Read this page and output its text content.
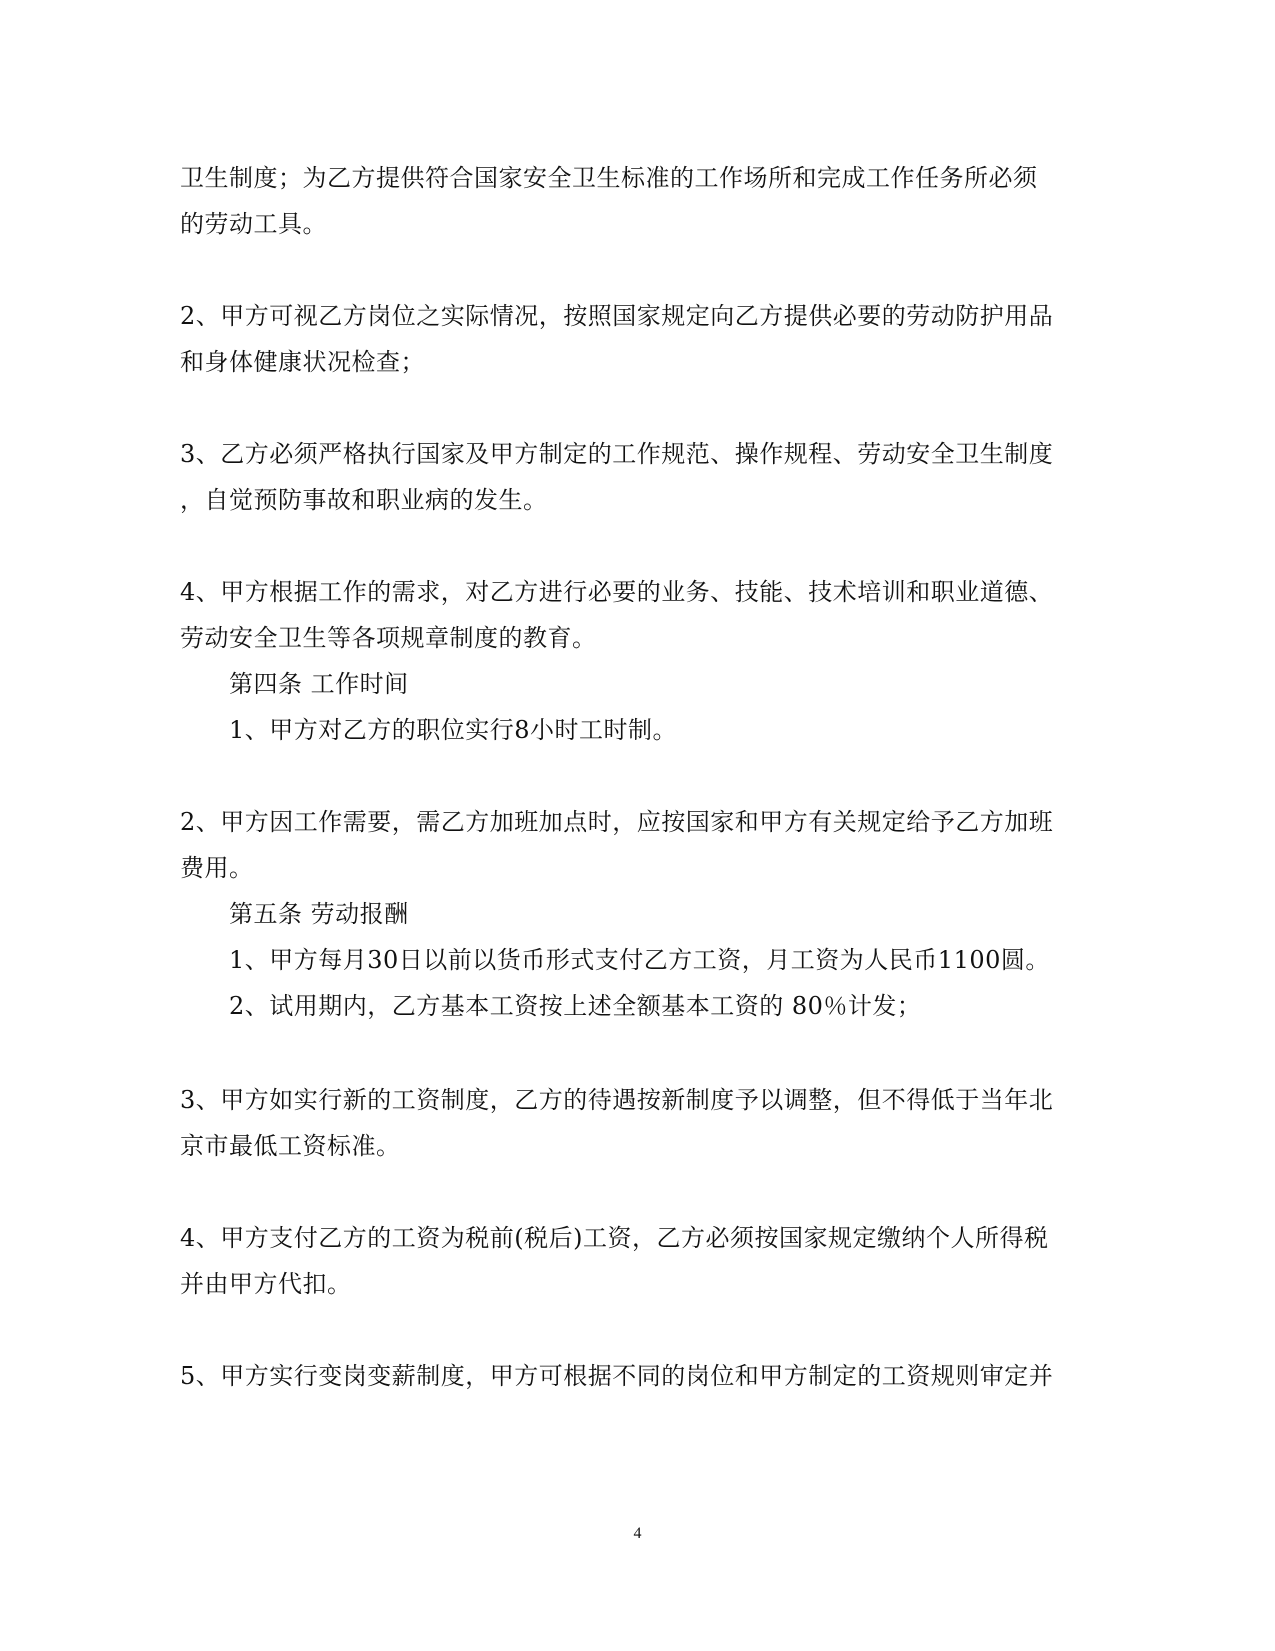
卫生制度；为乙方提供符合国家安全卫生标准的工作场所和完成工作任务所必须
的劳动工具。
2、甲方可视乙方岗位之实际情况，按照国家规定向乙方提供必要的劳动防护用品
和身体健康状况检查；
3、乙方必须严格执行国家及甲方制定的工作规范、操作规程、劳动安全卫生制度
，自觉预防事故和职业病的发生。
4、甲方根据工作的需求，对乙方进行必要的业务、技能、技术培训和职业道德、
劳动安全卫生等各项规章制度的教育。
第四条 工作时间
1、甲方对乙方的职位实行8小时工时制。
2、甲方因工作需要，需乙方加班加点时，应按国家和甲方有关规定给予乙方加班
费用。
第五条 劳动报酬
1、甲方每月30日以前以货币形式支付乙方工资，月工资为人民币1100圆。
2、试用期内，乙方基本工资按上述全额基本工资的 80％计发；
3、甲方如实行新的工资制度，乙方的待遇按新制度予以调整，但不得低于当年北
京市最低工资标准。
4、甲方支付乙方的工资为税前(税后)工资，乙方必须按国家规定缴纳个人所得税
并由甲方代扣。
5、甲方实行变岗变薪制度，甲方可根据不同的岗位和甲方制定的工资规则审定并
4
